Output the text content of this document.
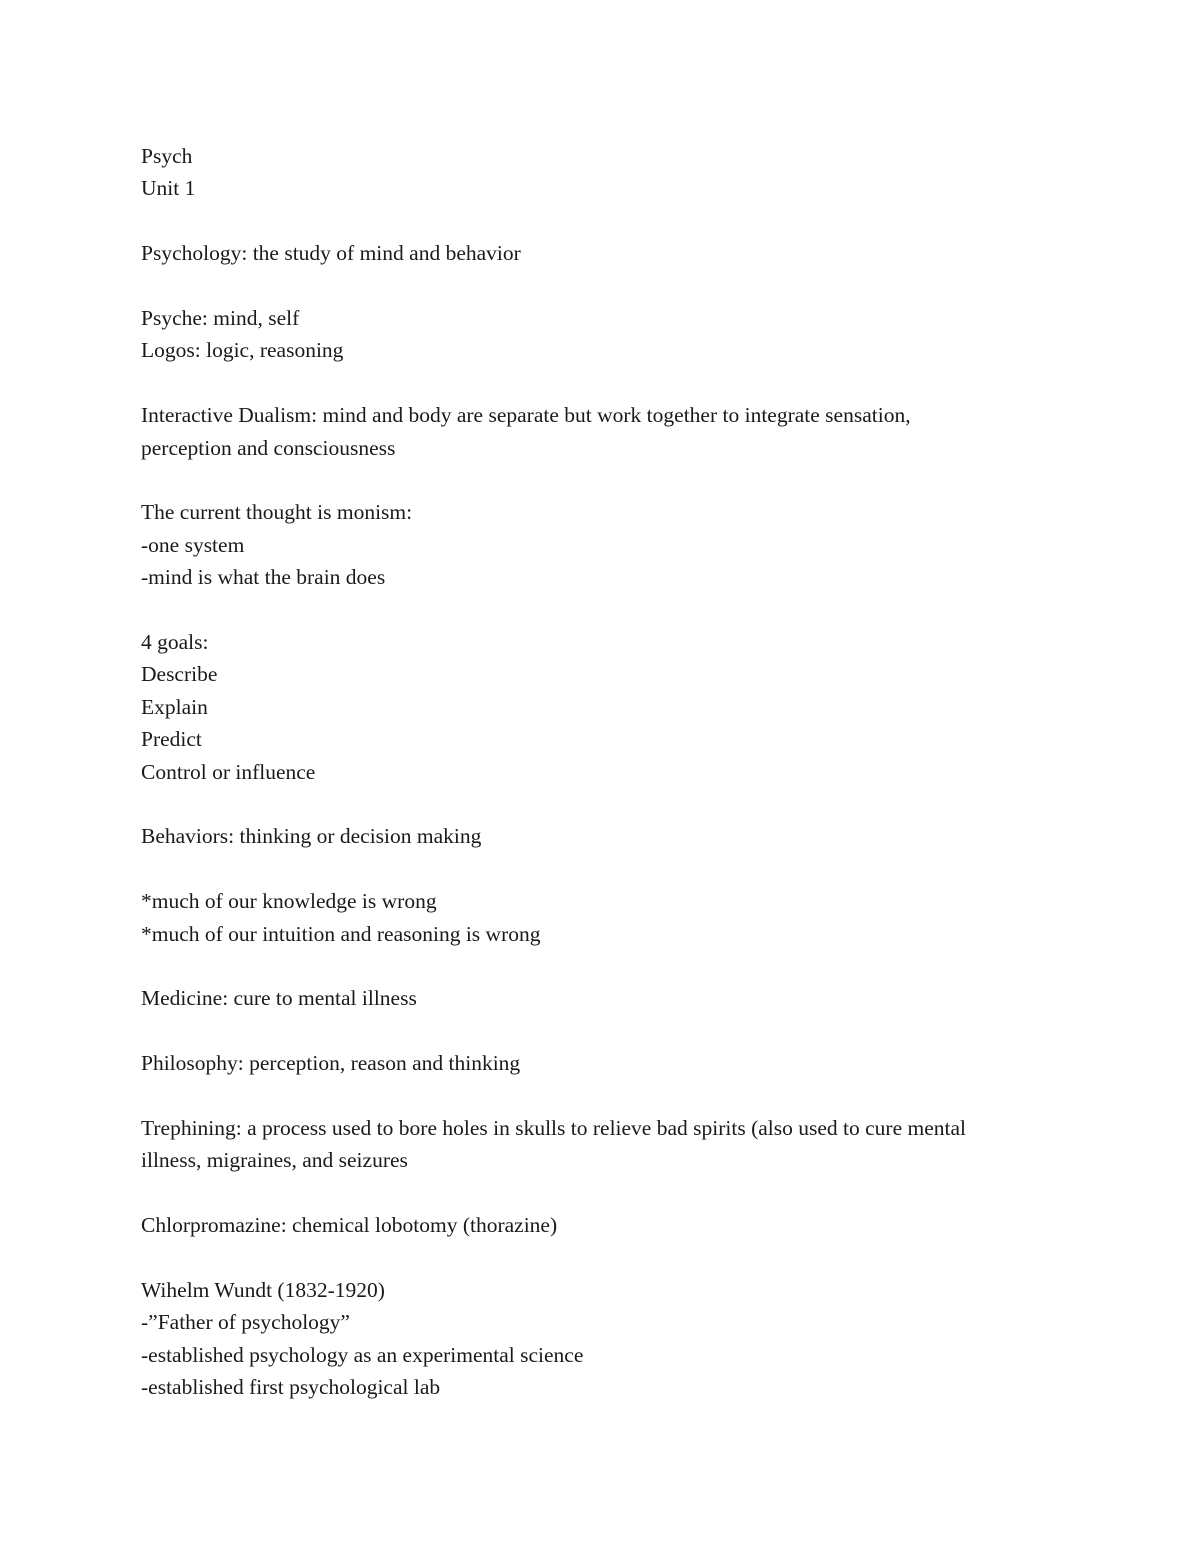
Psych
Unit 1
Psychology: the study of mind and behavior
Psyche: mind, self
Logos: logic, reasoning
Interactive Dualism: mind and body are separate but work together to integrate sensation,
perception and consciousness
The current thought is monism:
-one system
-mind is what the brain does
4 goals:
Describe
Explain
Predict
Control or influence
Behaviors: thinking or decision making
*much of our knowledge is wrong
*much of our intuition and reasoning is wrong
Medicine: cure to mental illness
Philosophy: perception, reason and thinking
Trephining: a process used to bore holes in skulls to relieve bad spirits (also used to cure mental
illness, migraines, and seizures
Chlorpromazine: chemical lobotomy (thorazine)
Wihelm Wundt (1832-1920)
-”Father of psychology”
-established psychology as an experimental science
-established first psychological lab
